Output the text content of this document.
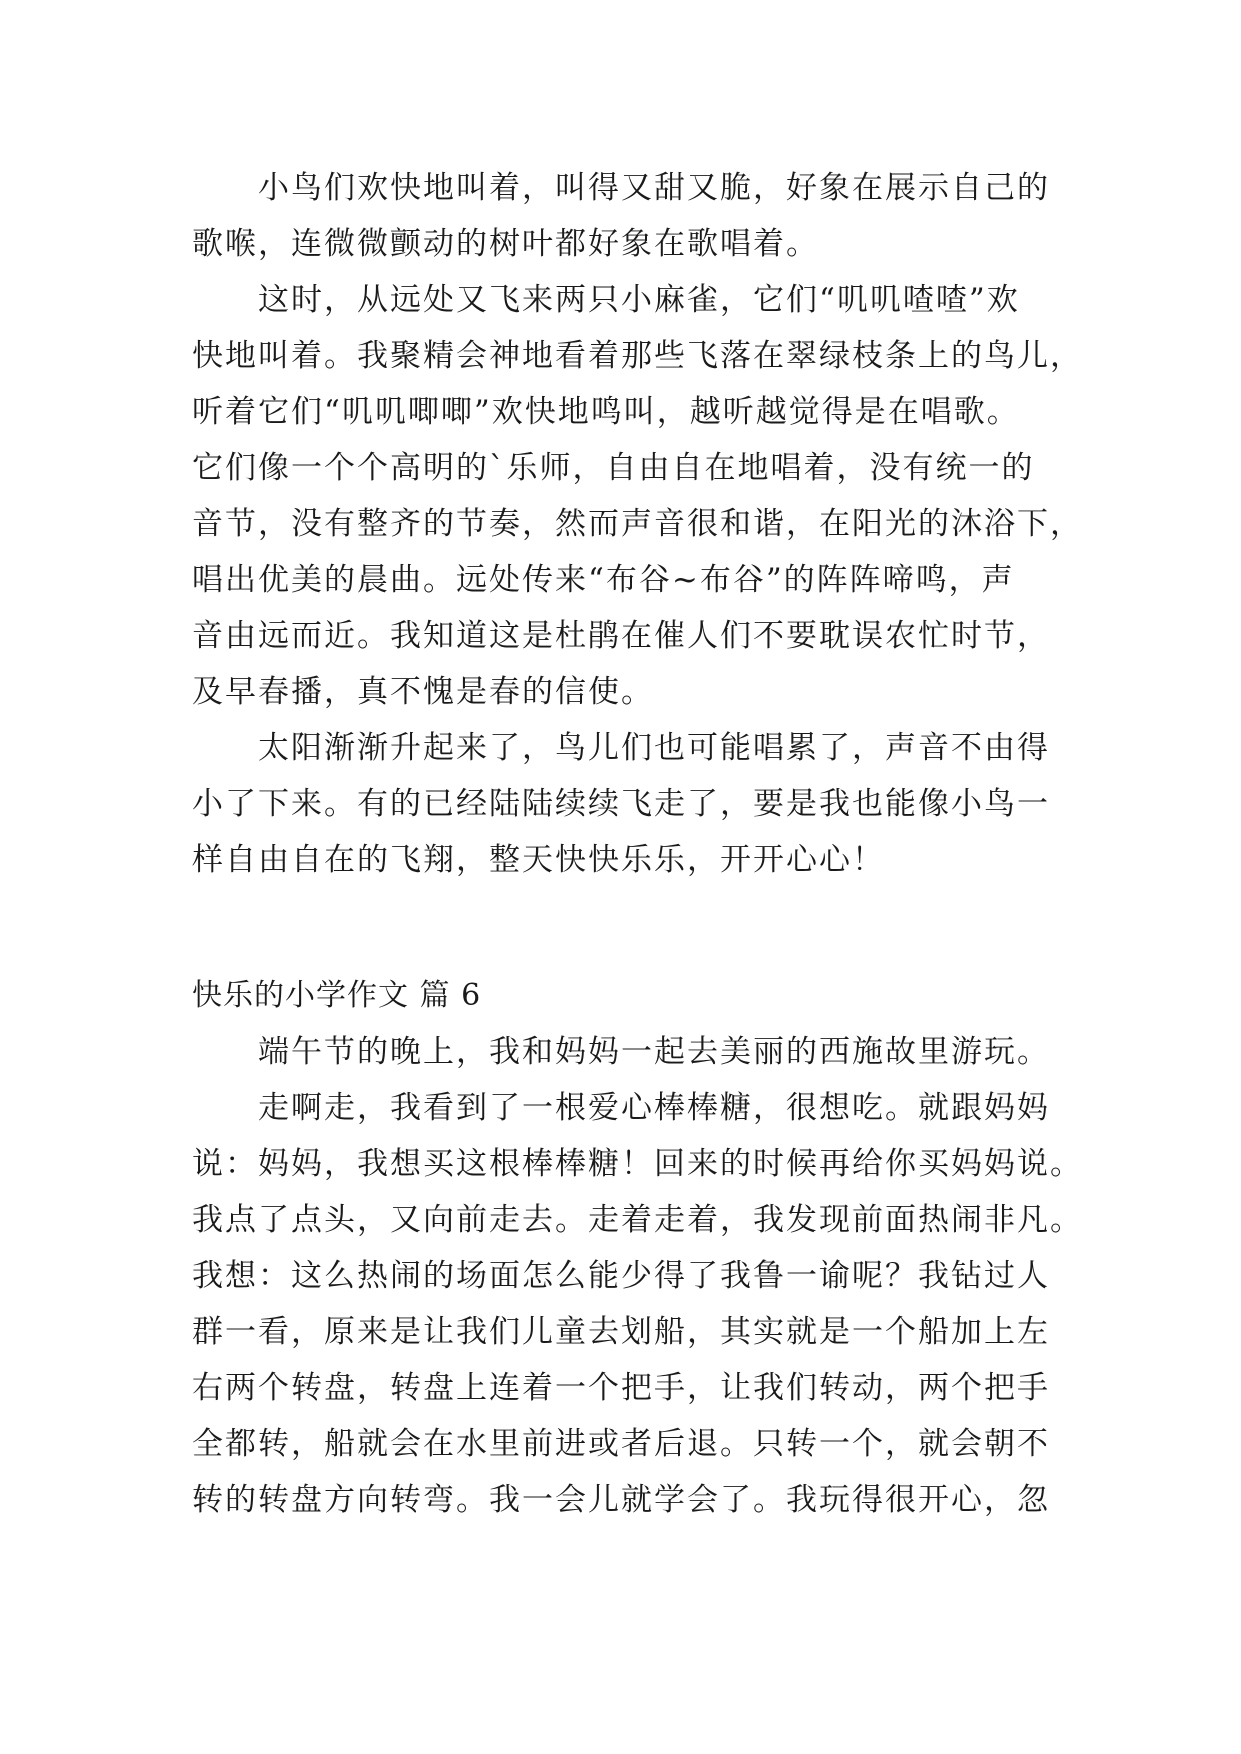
小鸟们欢快地叫着，叫得又甜又脆，好象在展示自己的
歌喉，连微微颤动的树叶都好象在歌唱着。
这时，从远处又飞来两只小麻雀，它们“叽叽喳喳”欢
快地叫着。我聚精会神地看着那些飞落在翠绿枝条上的鸟儿，
听着它们“叽叽唧唧”欢快地鸣叫，越听越觉得是在唱歌。
它们像一个个高明的`乐师，自由自在地唱着，没有统一的
音节，没有整齐的节奏，然而声音很和谐，在阳光的沐浴下，
唱出优美的晨曲。远处传来“布谷~布谷”的阵阵啼鸣，声
音由远而近。我知道这是杜鹃在催人们不要耽误农忙时节，
及早春播，真不愧是春的信使。
太阳渐渐升起来了，鸟儿们也可能唱累了，声音不由得
小了下来。有的已经陆陆续续飞走了，要是我也能像小鸟一
样自由自在的飞翔，整天快快乐乐，开开心心！
快乐的小学作文 篇 6
端午节的晚上，我和妈妈一起去美丽的西施故里游玩。
走啊走，我看到了一根爱心棒棒糖，很想吃。就跟妈妈
说：妈妈，我想买这根棒棒糖！回来的时候再给你买妈妈说。
我点了点头，又向前走去。走着走着，我发现前面热闹非凡。
我想：这么热闹的场面怎么能少得了我鲁一谕呢？我钻过人
群一看，原来是让我们儿童去划船，其实就是一个船加上左
右两个转盘，转盘上连着一个把手，让我们转动，两个把手
全都转，船就会在水里前进或者后退。只转一个，就会朝不
转的转盘方向转弯。我一会儿就学会了。我玩得很开心，忽
